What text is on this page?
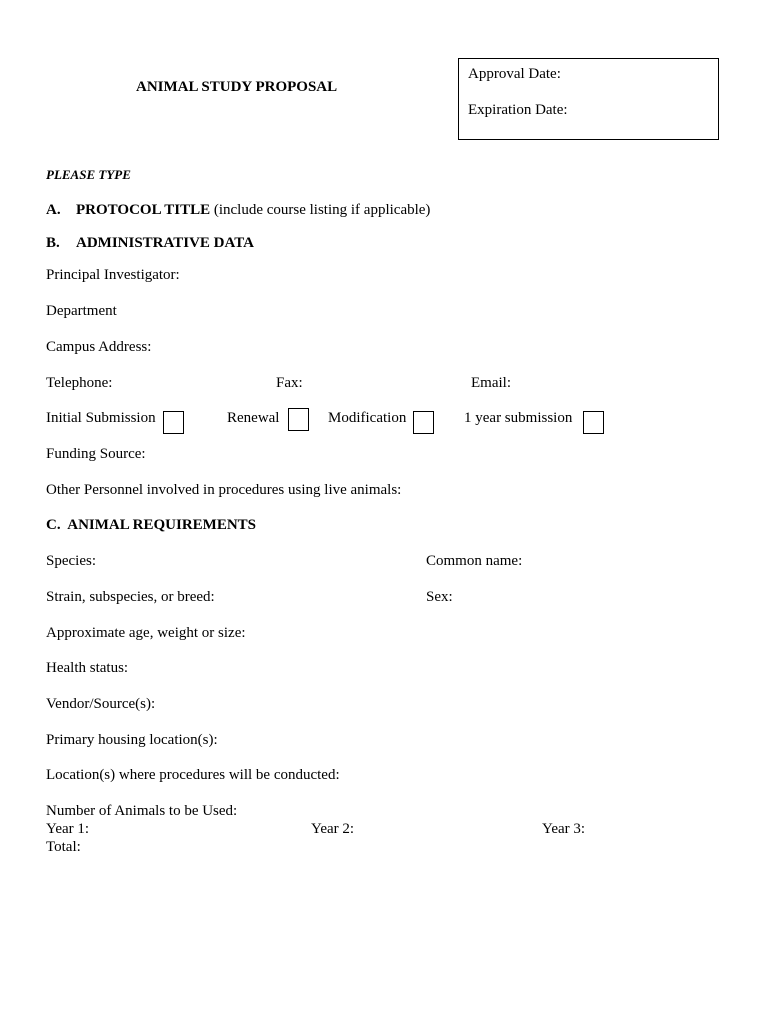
ANIMAL STUDY PROPOSAL
Approval Date:
Expiration Date:
PLEASE TYPE
A. PROTOCOL TITLE (include course listing if applicable)
B. ADMINISTRATIVE DATA
Principal Investigator:
Department
Campus Address:
Telephone:	Fax:	Email:
Initial Submission	Renewal	Modification	1 year submission
Funding Source:
Other Personnel involved in procedures using live animals:
C.  ANIMAL REQUIREMENTS
Species:	Common name:
Strain, subspecies, or breed:	Sex:
Approximate age, weight or size:
Health status:
Vendor/Source(s):
Primary housing location(s):
Location(s) where procedures will be conducted:
Number of Animals to be Used:
Year 1:	Year 2:	Year 3:
Total:
